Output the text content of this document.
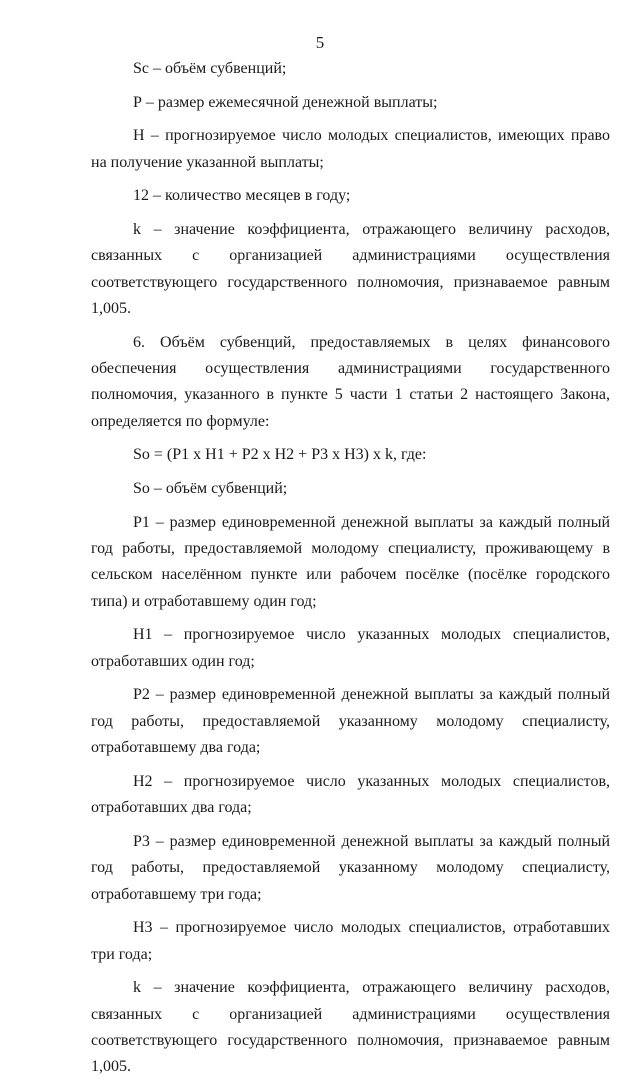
5

Sc – объём субвенций;

Р – размер ежемесячной денежной выплаты;

Н – прогнозируемое число молодых специалистов, имеющих право на получение указанной выплаты;

12 – количество месяцев в году;

k – значение коэффициента, отражающего величину расходов, связанных с организацией администрациями осуществления соответствующего государственного полномочия, признаваемое равным 1,005.

6. Объём субвенций, предоставляемых в целях финансового обеспечения осуществления администрациями государственного полномочия, указанного в пункте 5 части 1 статьи 2 настоящего Закона, определяется по формуле:

So = (Р1 x Н1 + Р2 x Н2 + Р3 x Н3) x k, где:

So – объём субвенций;

Р1 – размер единовременной денежной выплаты за каждый полный год работы, предоставляемой молодому специалисту, проживающему в сельском населённом пункте или рабочем посёлке (посёлке городского типа) и отработавшему один год;

Н1 – прогнозируемое число указанных молодых специалистов, отработавших один год;

Р2 – размер единовременной денежной выплаты за каждый полный год работы, предоставляемой указанному молодому специалисту, отработавшему два года;

Н2 – прогнозируемое число указанных молодых специалистов, отработавших два года;

Р3 – размер единовременной денежной выплаты за каждый полный год работы, предоставляемой указанному молодому специалисту, отработавшему три года;

Н3 – прогнозируемое число молодых специалистов, отработавших три года;

k – значение коэффициента, отражающего величину расходов, связанных с организацией администрациями осуществления соответствующего государственного полномочия, признаваемое равным 1,005.
